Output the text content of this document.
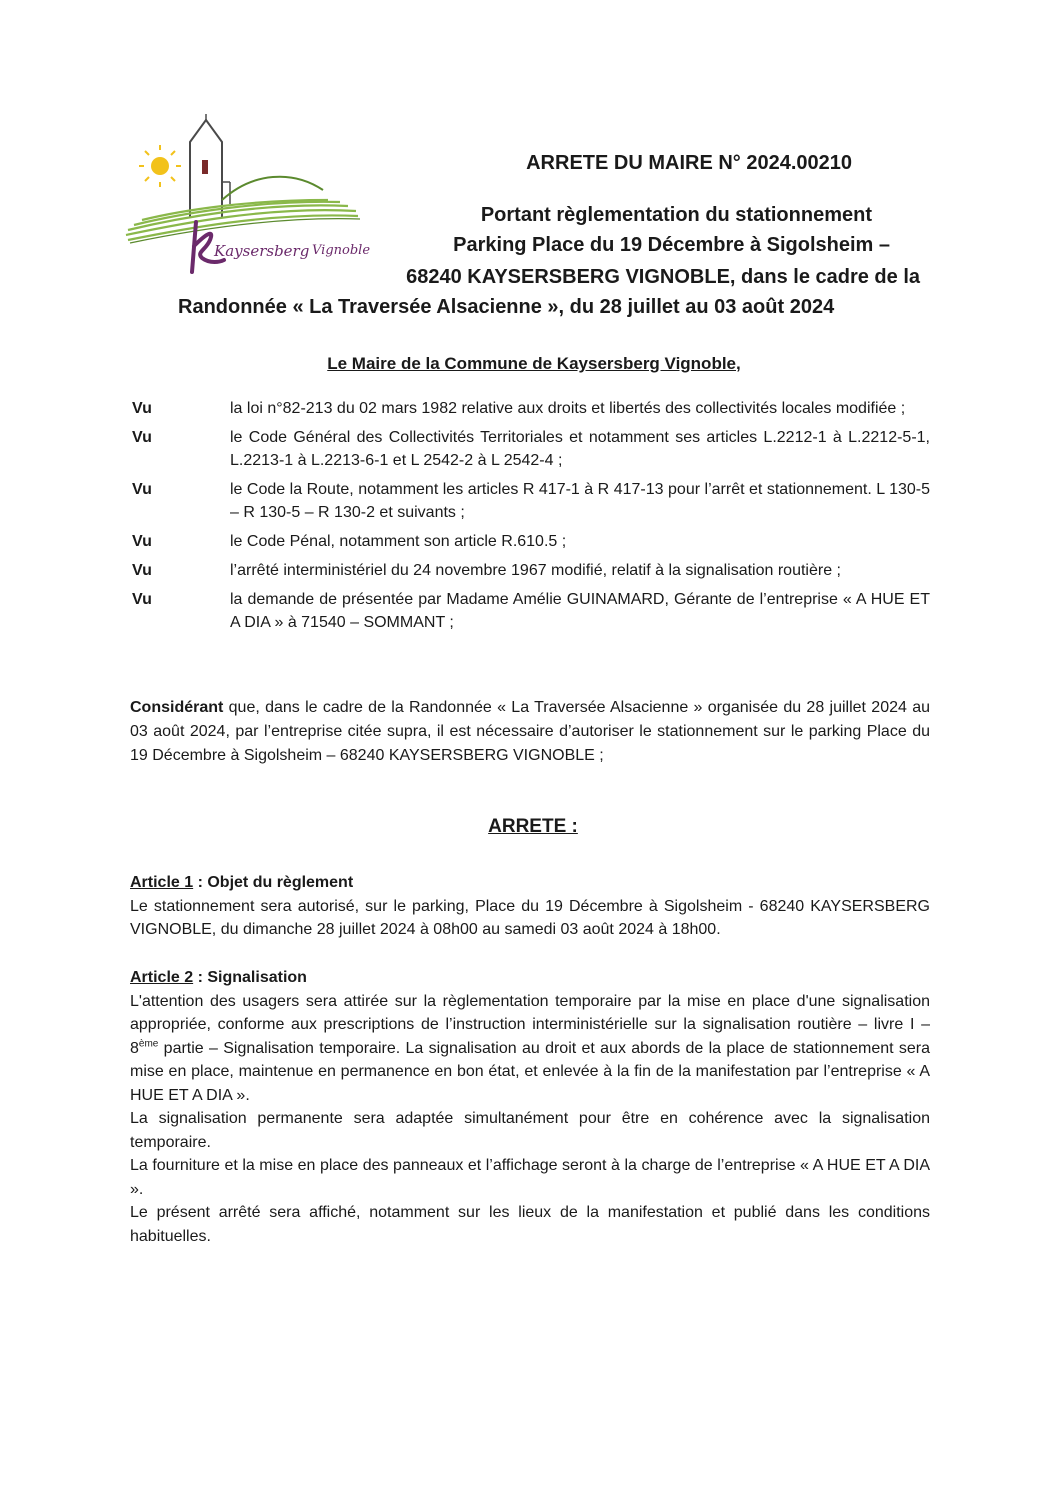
Kaysersberg Vignoble
ARRETE DU MAIRE N° 2024.00210
Portant règlementation du stationnement
Parking Place du 19 Décembre à Sigolsheim –
68240 KAYSERSBERG VIGNOBLE, dans le cadre de la
Randonnée « La Traversée Alsacienne », du 28 juillet au 03 août 2024
Le Maire de la Commune de Kaysersberg Vignoble,
Vu	la loi n°82-213 du 02 mars 1982 relative aux droits et libertés des collectivités locales modifiée ;
Vu	le Code Général des Collectivités Territoriales et notamment ses articles L.2212-1 à L.2212-5-1, L.2213-1 à L.2213-6-1 et L 2542-2 à L 2542-4 ;
Vu	le Code la Route, notamment les articles R 417-1 à R 417-13 pour l’arrêt et stationnement. L 130-5 – R 130-5 – R 130-2 et suivants ;
Vu	le Code Pénal, notamment son article R.610.5 ;
Vu	l’arrêté interministériel du 24 novembre 1967 modifié, relatif à la signalisation routière ;
Vu	la demande de présentée par Madame Amélie GUINAMARD, Gérante de l’entreprise « A HUE ET A DIA » à 71540 – SOMMANT ;
Considérant que, dans le cadre de la Randonnée « La Traversée Alsacienne » organisée du 28 juillet 2024 au 03 août 2024, par l’entreprise citée supra, il est nécessaire d’autoriser le stationnement sur le parking Place du 19 Décembre à Sigolsheim – 68240 KAYSERSBERG VIGNOBLE ;
ARRETE :
Article 1 : Objet du règlement

Le stationnement sera autorisé, sur le parking, Place du 19 Décembre à Sigolsheim - 68240 KAYSERSBERG VIGNOBLE, du dimanche 28 juillet 2024 à 08h00 au samedi 03 août 2024 à 18h00.

Article 2 : Signalisation

L'attention des usagers sera attirée sur la règlementation temporaire par la mise en place d'une signalisation appropriée, conforme aux prescriptions de l’instruction interministérielle sur la signalisation routière – livre I – 8ème partie – Signalisation temporaire. La signalisation au droit et aux abords de la place de stationnement sera mise en place, maintenue en permanence en bon état, et enlevée à la fin de la manifestation par l’entreprise « A HUE ET A DIA ».

La signalisation permanente sera adaptée simultanément pour être en cohérence avec la signalisation temporaire.

La fourniture et la mise en place des panneaux et l’affichage seront à la charge de l’entreprise « A HUE ET A DIA ».

Le présent arrêté sera affiché, notamment sur les lieux de la manifestation et publié dans les conditions habituelles.
